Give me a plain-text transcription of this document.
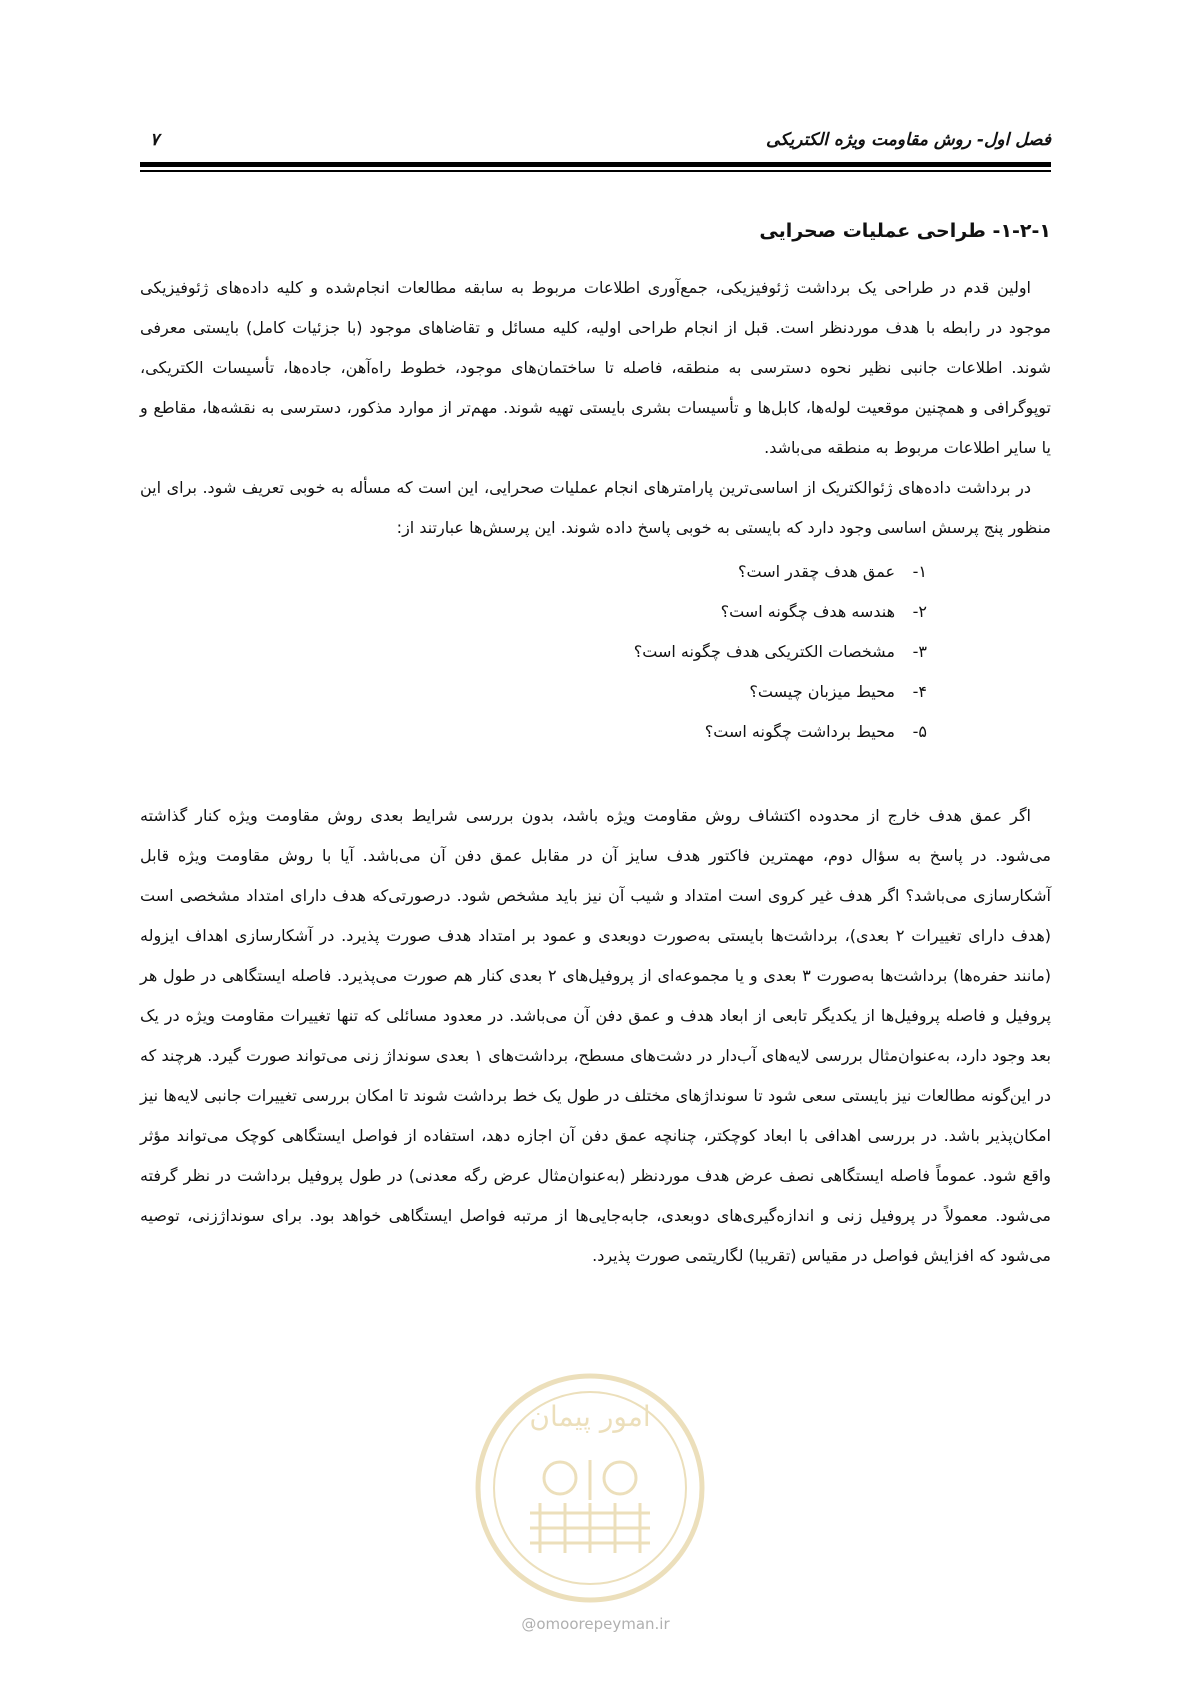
فصل اول- روش مقاومت ویژه الکتریکی
۷
۱-۲-۱- طراحی عملیات صحرایی

اولین قدم در طراحی یک برداشت ژئوفیزیکی، جمع‌آوری اطلاعات مربوط به سابقه مطالعات انجام‌شده و کلیه داده‌های ژئوفیزیکی موجود در رابطه با هدف موردنظر است. قبل از انجام طراحی اولیه، کلیه مسائل و تقاضاهای موجود (با جزئیات کامل) بایستی معرفی شوند. اطلاعات جانبی نظیر نحوه دسترسی به منطقه، فاصله تا ساختمان‌های موجود، خطوط راه‌آهن، جاده‌ها، تأسیسات الکتریکی، توپوگرافی و همچنین موقعیت لوله‌ها، کابل‌ها و تأسیسات بشری بایستی تهیه شوند. مهم‌تر از موارد مذکور، دسترسی به نقشه‌ها، مقاطع و یا سایر اطلاعات مربوط به منطقه می‌باشد.

در برداشت داده‌های ژئوالکتریک از اساسی‌ترین پارامترهای انجام عملیات صحرایی، این است که مسأله به خوبی تعریف شود. برای این منظور پنج پرسش اساسی وجود دارد که بایستی به خوبی پاسخ داده شوند. این پرسش‌ها عبارتند از:

۱-
عمق هدف چقدر است؟
۲-
هندسه هدف چگونه است؟
۳-
مشخصات الکتریکی هدف چگونه است؟
۴-
محیط میزبان چیست؟
۵-
محیط برداشت چگونه است؟

اگر عمق هدف خارج از محدوده اکتشاف روش مقاومت ویژه باشد، بدون بررسی شرایط بعدی روش مقاومت ویژه کنار گذاشته می‌شود. در پاسخ به سؤال دوم، مهمترین فاکتور هدف سایز آن در مقابل عمق دفن آن می‌باشد. آیا با روش مقاومت ویژه قابل آشکارسازی می‌باشد؟ اگر هدف غیر کروی است امتداد و شیب آن نیز باید مشخص شود. درصورتی‌که هدف دارای امتداد مشخصی است (هدف دارای تغییرات ۲ بعدی)، برداشت‌ها بایستی به‌صورت دوبعدی و عمود بر امتداد هدف صورت پذیرد. در آشکارسازی اهداف ایزوله (مانند حفره‌ها) برداشت‌ها به‌صورت ۳ بعدی و یا مجموعه‌ای از پروفیل‌های ۲ بعدی کنار هم صورت می‌پذیرد. فاصله ایستگاهی در طول هر پروفیل و فاصله پروفیل‌ها از یکدیگر تابعی از ابعاد هدف و عمق دفن آن می‌باشد. در معدود مسائلی که تنها تغییرات مقاومت ویژه در یک بعد وجود دارد، به‌عنوان‌مثال بررسی لایه‌های آب‌دار در دشت‌های مسطح، برداشت‌های ۱ بعدی سونداژ زنی می‌تواند صورت گیرد. هرچند که در این‌گونه مطالعات نیز بایستی سعی شود تا سونداژهای مختلف در طول یک خط برداشت شوند تا امکان بررسی تغییرات جانبی لایه‌ها نیز امکان‌پذیر باشد. در بررسی اهدافی با ابعاد کوچکتر، چنانچه عمق دفن آن اجازه دهد، استفاده از فواصل ایستگاهی کوچک می‌تواند مؤثر واقع شود. عموماً فاصله ایستگاهی نصف عرض هدف موردنظر (به‌عنوان‌مثال عرض رگه معدنی) در طول پروفیل برداشت در نظر گرفته می‌شود. معمولاً در پروفیل زنی و اندازه‌گیری‌های دوبعدی، جابه‌جایی‌ها از مرتبه فواصل ایستگاهی خواهد بود. برای سونداژزنی، توصیه می‌شود که افزایش فواصل در مقیاس (تقریبا) لگاریتمی صورت پذیرد.

امور پیمان
@omoorepeyman.ir
